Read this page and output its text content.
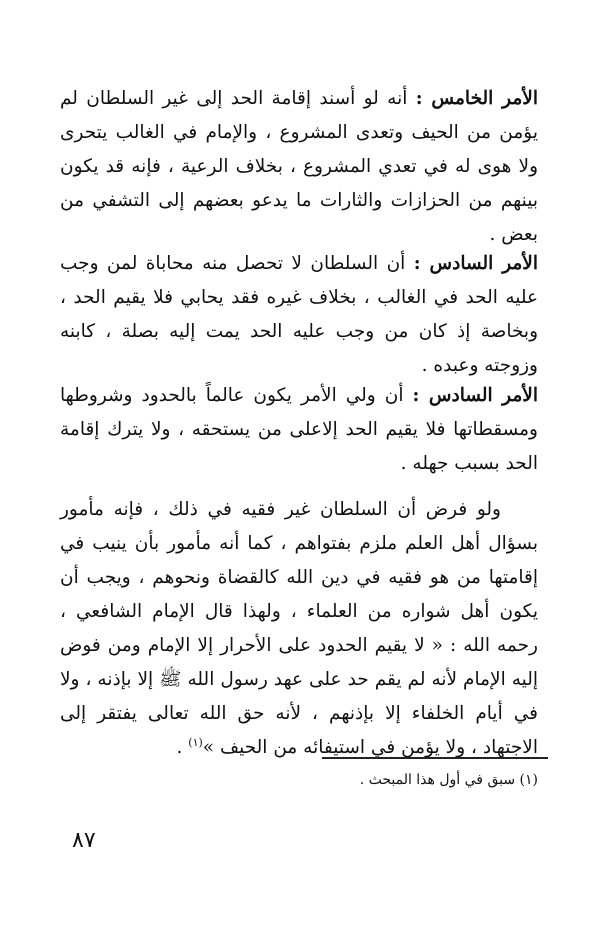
الأمر الخامس : أنه لو أسند إقامة الحد إلى غير السلطان لم يؤمن من الحيف وتعدى المشروع ، والإمام في الغالب يتحرى ولا هوى له في تعدي المشروع ، بخلاف الرعية ، فإنه قد يكون بينهم من الحزازات والثارات ما يدعو بعضهم إلى التشفي من بعض .

الأمر السادس : أن السلطان لا تحصل منه محاباة لمن وجب عليه الحد في الغالب ، بخلاف غيره فقد يحابي فلا يقيم الحد ، وبخاصة إذ كان من وجب عليه الحد يمت إليه بصلة ، كابنه وزوجته وعبده .

الأمر السادس : أن ولي الأمر يكون عالماً بالحدود وشروطها ومسقطاتها فلا يقيم الحد إلاعلى من يستحقه ، ولا يترك إقامة الحد بسبب جهله .

  ولو فرض أن السلطان غير فقيه في ذلك ، فإنه مأمور بسؤال أهل العلم ملزم بفتواهم ، كما أنه مأمور بأن ينيب في إقامتها من هو فقيه في دين الله كالقضاة ونحوهم ، ويجب أن يكون أهل شواره من العلماء ، ولهذا قال الإمام الشافعي ، رحمه الله : « لا يقيم الحدود على الأحرار إلا الإمام ومن فوض إليه الإمام لأنه لم يقم حد على عهد رسول الله ﷺ إلا بإذنه ، ولا في أيام الخلفاء إلا بإذنهم ، لأنه حق الله تعالى يفتقر إلى الاجتهاد ، ولا يؤمن في استيفائه من الحيف »$^{(١)}$ .

(١) سبق في أول هذا المبحث .

٨٧
